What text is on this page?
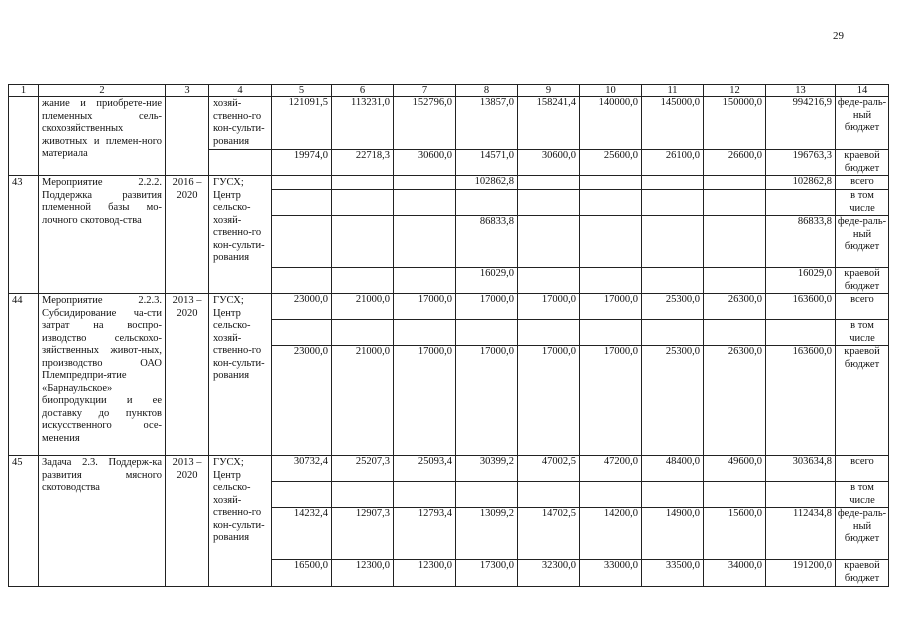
29
1	2	3	4	5	6	7	8	9	10	11	12	13	14
	жание и приобрете-ние племенных сель-скохозяйственных животных и племен-ного материала		хозяй-ственно-го кон-сульти-рования	121091,5	113231,0	152796,0	13857,0	158241,4	140000,0	145000,0	150000,0	994216,9	феде-раль-ный бюджет
				19974,0	22718,3	30600,0	14571,0	30600,0	25600,0	26100,0	26600,0	196763,3	краевой бюджет
43	Мероприятие 2.2.2. Поддержка развития племенной базы мо-лочного скотовод-ства	2016 – 2020	ГУСХ; Центр сельско-хозяй-ственно-го кон-сульти-рования				102862,8					102862,8	всего
													в том числе
							86833,8					86833,8	феде-раль-ный бюджет
							16029,0					16029,0	краевой бюджет
44	Мероприятие 2.2.3. Субсидирование ча-сти затрат на воспро-изводство сельскохо-зяйственных живот-ных, производство ОАО Племпредпри-ятие «Барнаульское» биопродукции и ее доставку до пунктов искусственного осе-менения	2013 – 2020	ГУСХ; Центр сельско-хозяй-ственно-го кон-сульти-рования	23000,0	21000,0	17000,0	17000,0	17000,0	17000,0	25300,0	26300,0	163600,0	всего
													в том числе
				23000,0	21000,0	17000,0	17000,0	17000,0	17000,0	25300,0	26300,0	163600,0	краевой бюджет
45	Задача 2.3. Поддерж-ка развития мясного скотоводства	2013 – 2020	ГУСХ; Центр сельско-хозяй-ственно-го кон-сульти-рования	30732,4	25207,3	25093,4	30399,2	47002,5	47200,0	48400,0	49600,0	303634,8	всего
													в том числе
				14232,4	12907,3	12793,4	13099,2	14702,5	14200,0	14900,0	15600,0	112434,8	феде-раль-ный бюджет
				16500,0	12300,0	12300,0	17300,0	32300,0	33000,0	33500,0	34000,0	191200,0	краевой бюджет
